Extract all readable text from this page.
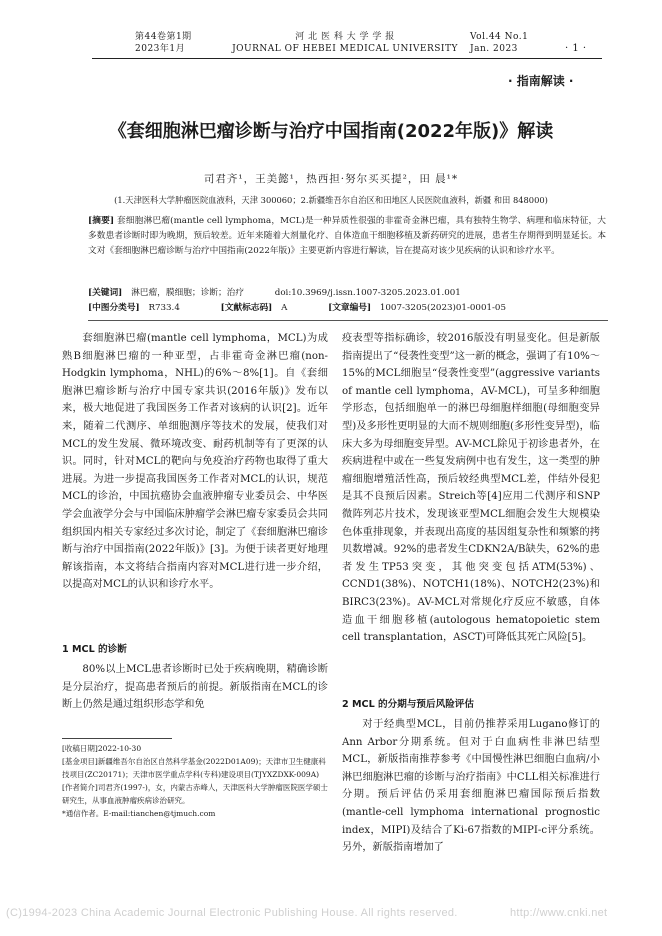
第44卷第1期
2023年1月
河 北 医 科 大 学 学 报
JOURNAL OF HEBEI MEDICAL UNIVERSITY
Vol.44 No.1
Jan. 2023	· 1 ·
· 指南解读 ·
《套细胞淋巴瘤诊断与治疗中国指南(2022年版)》解读
司君齐¹，王美懿¹，热西担·努尔买买提²，田 晨¹*
(1.天津医科大学肿瘤医院血液科，天津 300060；2.新疆维吾尔自治区和田地区人民医院血液科，新疆 和田 848000)
[摘要] 套细胞淋巴瘤(mantle cell lymphoma，MCL)是一种异质性很强的非霍奇金淋巴瘤，具有独特生物学、病理和临床特征，大多数患者诊断时即为晚期，预后较差。近年来随着大剂量化疗、自体造血干细胞移植及新药研究的进展，患者生存期得到明显延长。本文对《套细胞淋巴瘤诊断与治疗中国指南(2022年版)》主要更新内容进行解读，旨在提高对该少见疾病的认识和诊疗水平。
[关键词] 淋巴瘤，膜细胞；诊断；治疗	doi:10.3969/j.issn.1007-3205.2023.01.001
[中图分类号] R733.4	[文献标志码] A	[文章编号] 1007-3205(2023)01-0001-05

套细胞淋巴瘤(mantle cell lymphoma，MCL)为成熟B细胞淋巴瘤的一种亚型，占非霍奇金淋巴瘤(non-Hodgkin lymphoma，NHL)的6%～8%[1]。自《套细胞淋巴瘤诊断与治疗中国专家共识(2016年版)》发布以来，极大地促进了我国医务工作者对该病的认识[2]。近年来，随着二代测序、单细胞测序等技术的发展，使我们对MCL的发生发展、微环境改变、耐药机制等有了更深的认识。同时，针对MCL的靶向与免疫治疗药物也取得了重大进展。为进一步提高我国医务工作者对MCL的认识，规范MCL的诊治，中国抗癌协会血液肿瘤专业委员会、中华医学会血液学分会与中国临床肿瘤学会淋巴瘤专家委员会共同组织国内相关专家经过多次讨论，制定了《套细胞淋巴瘤诊断与治疗中国指南(2022年版)》[3]。为便于读者更好地理解该指南，本文将结合指南内容对MCL进行进一步介绍，以提高对MCL的认识和诊疗水平。

1 MCL 的诊断

80%以上MCL患者诊断时已处于疾病晚期，精确诊断是分层治疗，提高患者预后的前提。新版指南在MCL的诊断上仍然是通过组织形态学和免

[收稿日期]2022-10-30
[基金项目]新疆维吾尔自治区自然科学基金(2022D01A09)；天津市卫生健康科技项目(ZC20171)；天津市医学重点学科(专科)建设项目(TJYXZDXK-009A)
[作者简介]司君齐(1997-)，女，内蒙古赤峰人，天津医科大学肿瘤医院医学硕士研究生，从事血液肿瘤疾病诊治研究。
*通信作者。E-mail:tianchen@tjmuch.com

疫表型等指标确诊，较2016版没有明显变化。但是新版指南提出了“侵袭性变型”这一新的概念，强调了有10%～15%的MCL细胞呈“侵袭性变型”(aggressive variants of mantle cell lymphoma，AV-MCL)，可呈多种细胞学形态，包括细胞单一的淋巴母细胞样细胞(母细胞变异型)及多形性更明显的大而不规则细胞(多形性变异型)，临床大多为母细胞变异型。AV-MCL除见于初诊患者外，在疾病进程中或在一些复发病例中也有发生，这一类型的肿瘤细胞增殖活性高，预后较经典型MCL差，伴结外侵犯是其不良预后因素。Streich等[4]应用二代测序和SNP微阵列芯片技术，发现该亚型MCL细胞会发生大规模染色体重排现象，并表现出高度的基因组复杂性和频繁的拷贝数增减。92%的患者发生CDKN2A/B缺失，62%的患者发生TP53突变，其他突变包括ATM(53%)、CCND1(38%)、NOTCH1(18%)、NOTCH2(23%)和BIRC3(23%)。AV-MCL对常规化疗反应不敏感，自体造血干细胞移植(autologous hematopoietic stem cell transplantation，ASCT)可降低其死亡风险[5]。

2 MCL 的分期与预后风险评估

对于经典型MCL，目前仍推荐采用Lugano修订的Ann Arbor分期系统。但对于白血病性非淋巴结型MCL，新版指南推荐参考《中国慢性淋巴细胞白血病/小淋巴细胞淋巴瘤的诊断与治疗指南》中CLL相关标准进行分期。预后评估仍采用套细胞淋巴瘤国际预后指数(mantle-cell lymphoma international prognostic index，MIPI)及结合了Ki-67指数的MIPI-c评分系统。另外，新版指南增加了

(C)1994-2023 China Academic Journal Electronic Publishing House. All rights reserved.	http://www.cnki.net
